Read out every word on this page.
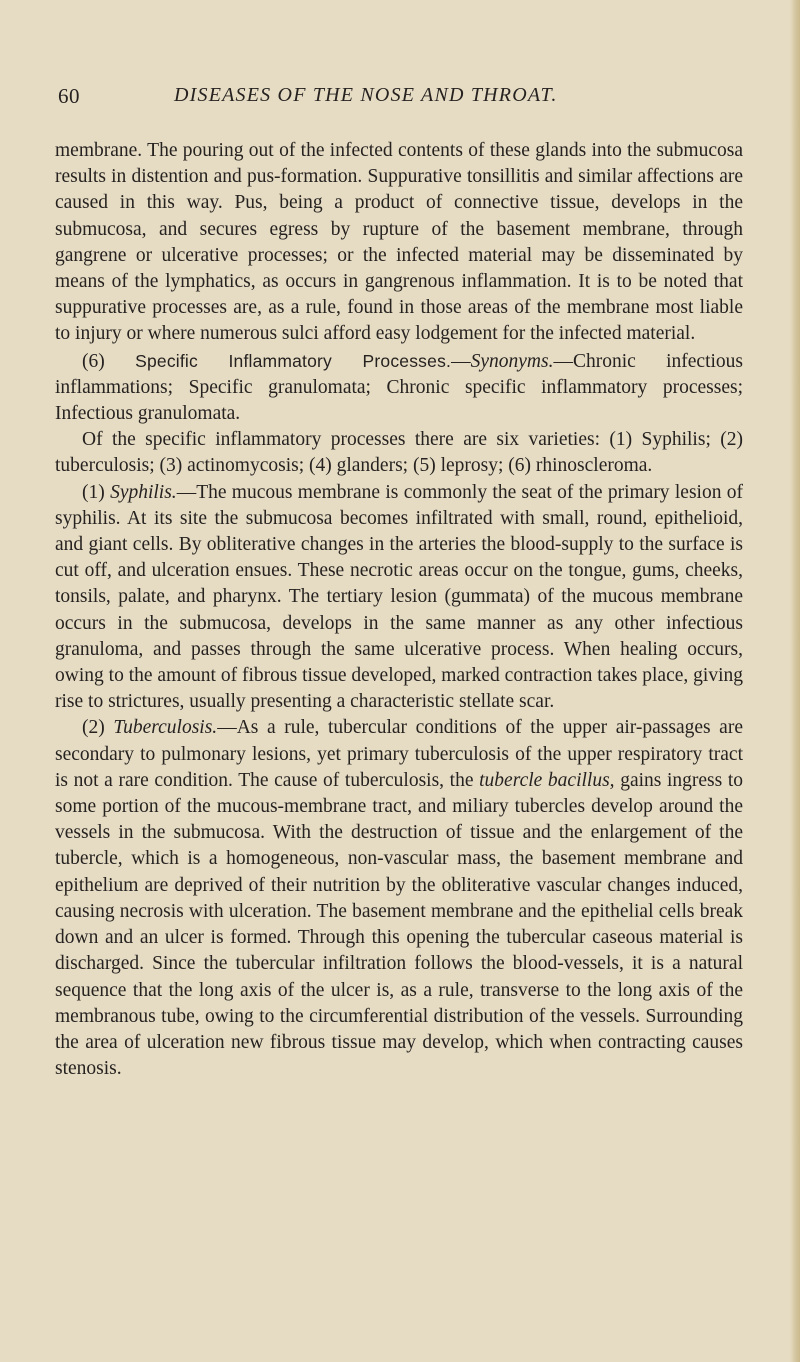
60	DISEASES OF THE NOSE AND THROAT.

membrane. The pouring out of the infected contents of these glands into the submucosa results in distention and pus-formation. Suppurative tonsillitis and similar affections are caused in this way. Pus, being a product of connective tissue, develops in the submucosa, and secures egress by rupture of the basement membrane, through gangrene or ulcerative processes; or the infected material may be disseminated by means of the lymphatics, as occurs in gangrenous inflammation. It is to be noted that suppurative processes are, as a rule, found in those areas of the membrane most liable to injury or where numerous sulci afford easy lodgement for the infected material.

(6) Specific Inflammatory Processes.—Synonyms.—Chronic infectious inflammations; Specific granulomata; Chronic specific inflammatory processes; Infectious granulomata.

Of the specific inflammatory processes there are six varieties: (1) Syphilis; (2) tuberculosis; (3) actinomycosis; (4) glanders; (5) leprosy; (6) rhinoscleroma.

(1) Syphilis.—The mucous membrane is commonly the seat of the primary lesion of syphilis. At its site the submucosa becomes infiltrated with small, round, epithelioid, and giant cells. By obliterative changes in the arteries the blood-supply to the surface is cut off, and ulceration ensues. These necrotic areas occur on the tongue, gums, cheeks, tonsils, palate, and pharynx. The tertiary lesion (gummata) of the mucous membrane occurs in the submucosa, develops in the same manner as any other infectious granuloma, and passes through the same ulcerative process. When healing occurs, owing to the amount of fibrous tissue developed, marked contraction takes place, giving rise to strictures, usually presenting a characteristic stellate scar.

(2) Tuberculosis.—As a rule, tubercular conditions of the upper air-passages are secondary to pulmonary lesions, yet primary tuberculosis of the upper respiratory tract is not a rare condition. The cause of tuberculosis, the tubercle bacillus, gains ingress to some portion of the mucous-membrane tract, and miliary tubercles develop around the vessels in the submucosa. With the destruction of tissue and the enlargement of the tubercle, which is a homogeneous, non-vascular mass, the basement membrane and epithelium are deprived of their nutrition by the obliterative vascular changes induced, causing necrosis with ulceration. The basement membrane and the epithelial cells break down and an ulcer is formed. Through this opening the tubercular caseous material is discharged. Since the tubercular infiltration follows the blood-vessels, it is a natural sequence that the long axis of the ulcer is, as a rule, transverse to the long axis of the membranous tube, owing to the circumferential distribution of the vessels. Surrounding the area of ulceration new fibrous tissue may develop, which when contracting causes stenosis.
